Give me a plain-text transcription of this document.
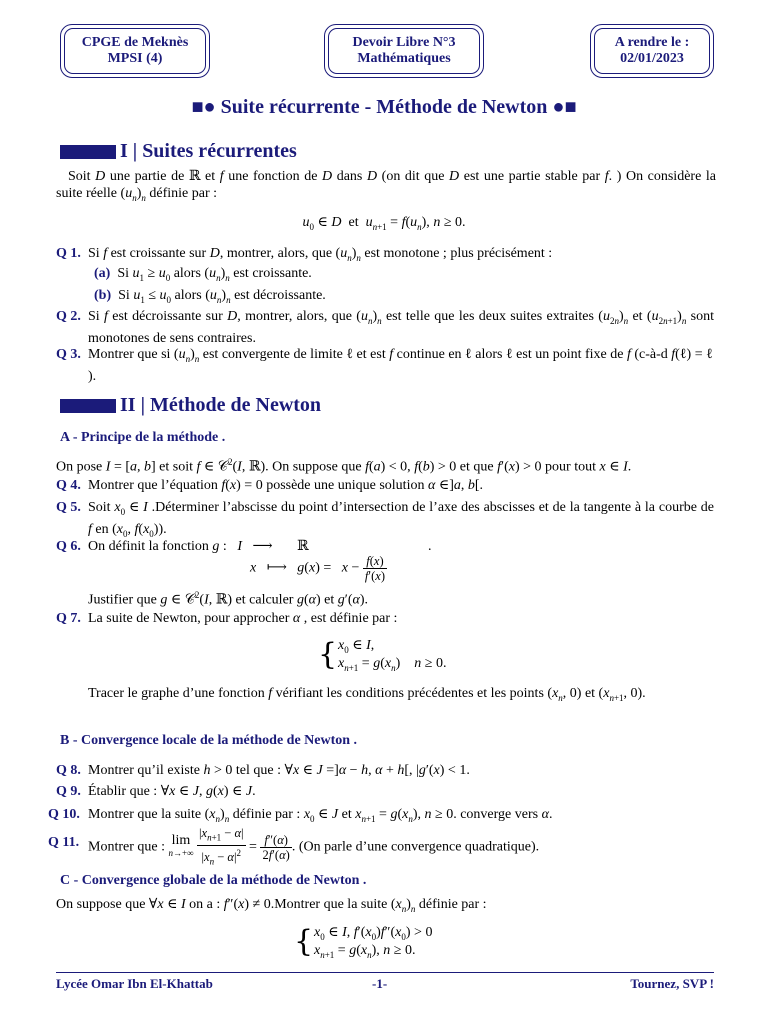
CPGE de Meknès
MPSI (4)
Devoir Libre N°3
Mathématiques
A rendre le :
02/01/2023
■● Suite récurrente - Méthode de Newton ●■
I | Suites récurrentes
Soit D une partie de ℝ et f une fonction de D dans D (on dit que D est une partie stable par f. ) On considère la suite réelle $(u_n)_n$ définie par :
$u_0$ ∈ D  et  $u_{n+1} = f(u_n)$, n ≥ 0.
Q 1. Si f est croissante sur D, montrer, alors, que $(u_n)_n$ est monotone ; plus précisément :
(a)  Si $u_1 \ge u_0$ alors $(u_n)_n$ est croissante.
(b)  Si $u_1 \le u_0$ alors $(u_n)_n$ est décroissante.
Q 2. Si f est décroissante sur D, montrer, alors, que $(u_n)_n$ est telle que les deux suites extraites $(u_{2n})_n$ et $(u_{2n+1})_n$ sont monotones de sens contraires.
Q 3. Montrer que si $(u_n)_n$ est convergente de limite ℓ et est f continue en ℓ alors ℓ est un point fixe de f (c-à-d f(ℓ) = ℓ ).
II | Méthode de Newton
A - Principe de la méthode .
On pose I = [a, b] et soit f ∈ 𝒞$^2$(I, ℝ). On suppose que f(a) < 0, f(b) > 0 et que f′(x) > 0 pour tout x ∈ I.
Q 4. Montrer que l’équation f(x) = 0 possède une unique solution α ∈]a, b[.
Q 5. Soit $x_0$ ∈ I .Déterminer l’abscisse du point d’intersection de l’axe des abscisses et de la tangente à la courbe de f en ($x_0$, $f(x_0)$).
Q 6. On définit la fonction g :   I   ⟶       ℝ	.
x   ⟼   $g(x) = x - \frac{f(x)}{f'(x)}$
Justifier que g ∈ 𝒞$^2$(I, ℝ) et calculer g(α) et g′(α).
Q 7. La suite de Newton, pour approcher α , est définie par :
{ $x_0$ ∈ I,
$x_{n+1} = g(x_n)$    n ≥ 0.
Tracer le graphe d’une fonction f vérifiant les conditions précédentes et les points ($x_n$, 0) et ($x_{n+1}$, 0).
B - Convergence locale de la méthode de Newton .
Q 8. Montrer qu’il existe h > 0 tel que : ∀x ∈ J =]α − h, α + h[, |g′(x) < 1.
Q 9. Établir que : ∀x ∈ J, g(x) ∈ J.
Q 10. Montrer que la suite $(x_n)_n$ définie par : $x_0$ ∈ J et $x_{n+1} = g(x_n)$, n ≥ 0. converge vers α.
Q 11. Montrer que : lim
$n\to+\infty \frac{|x_{n+1} - \alpha|}{|x_n - \alpha|^2} = \frac{f''(\alpha)}{2f'(\alpha)}$ . (On parle d’une convergence quadratique).
C - Convergence globale de la méthode de Newton .
On suppose que ∀x ∈ I on a : f″(x) ≠ 0.Montrer que la suite $(x_n)_n$ définie par :
{ $x_0$ ∈ I, $f'(x_0)f''(x_0) > 0$
$x_{n+1} = g(x_n)$, n ≥ 0.
Lycée Omar Ibn El-Khattab	-1-	Tournez, SVP !
